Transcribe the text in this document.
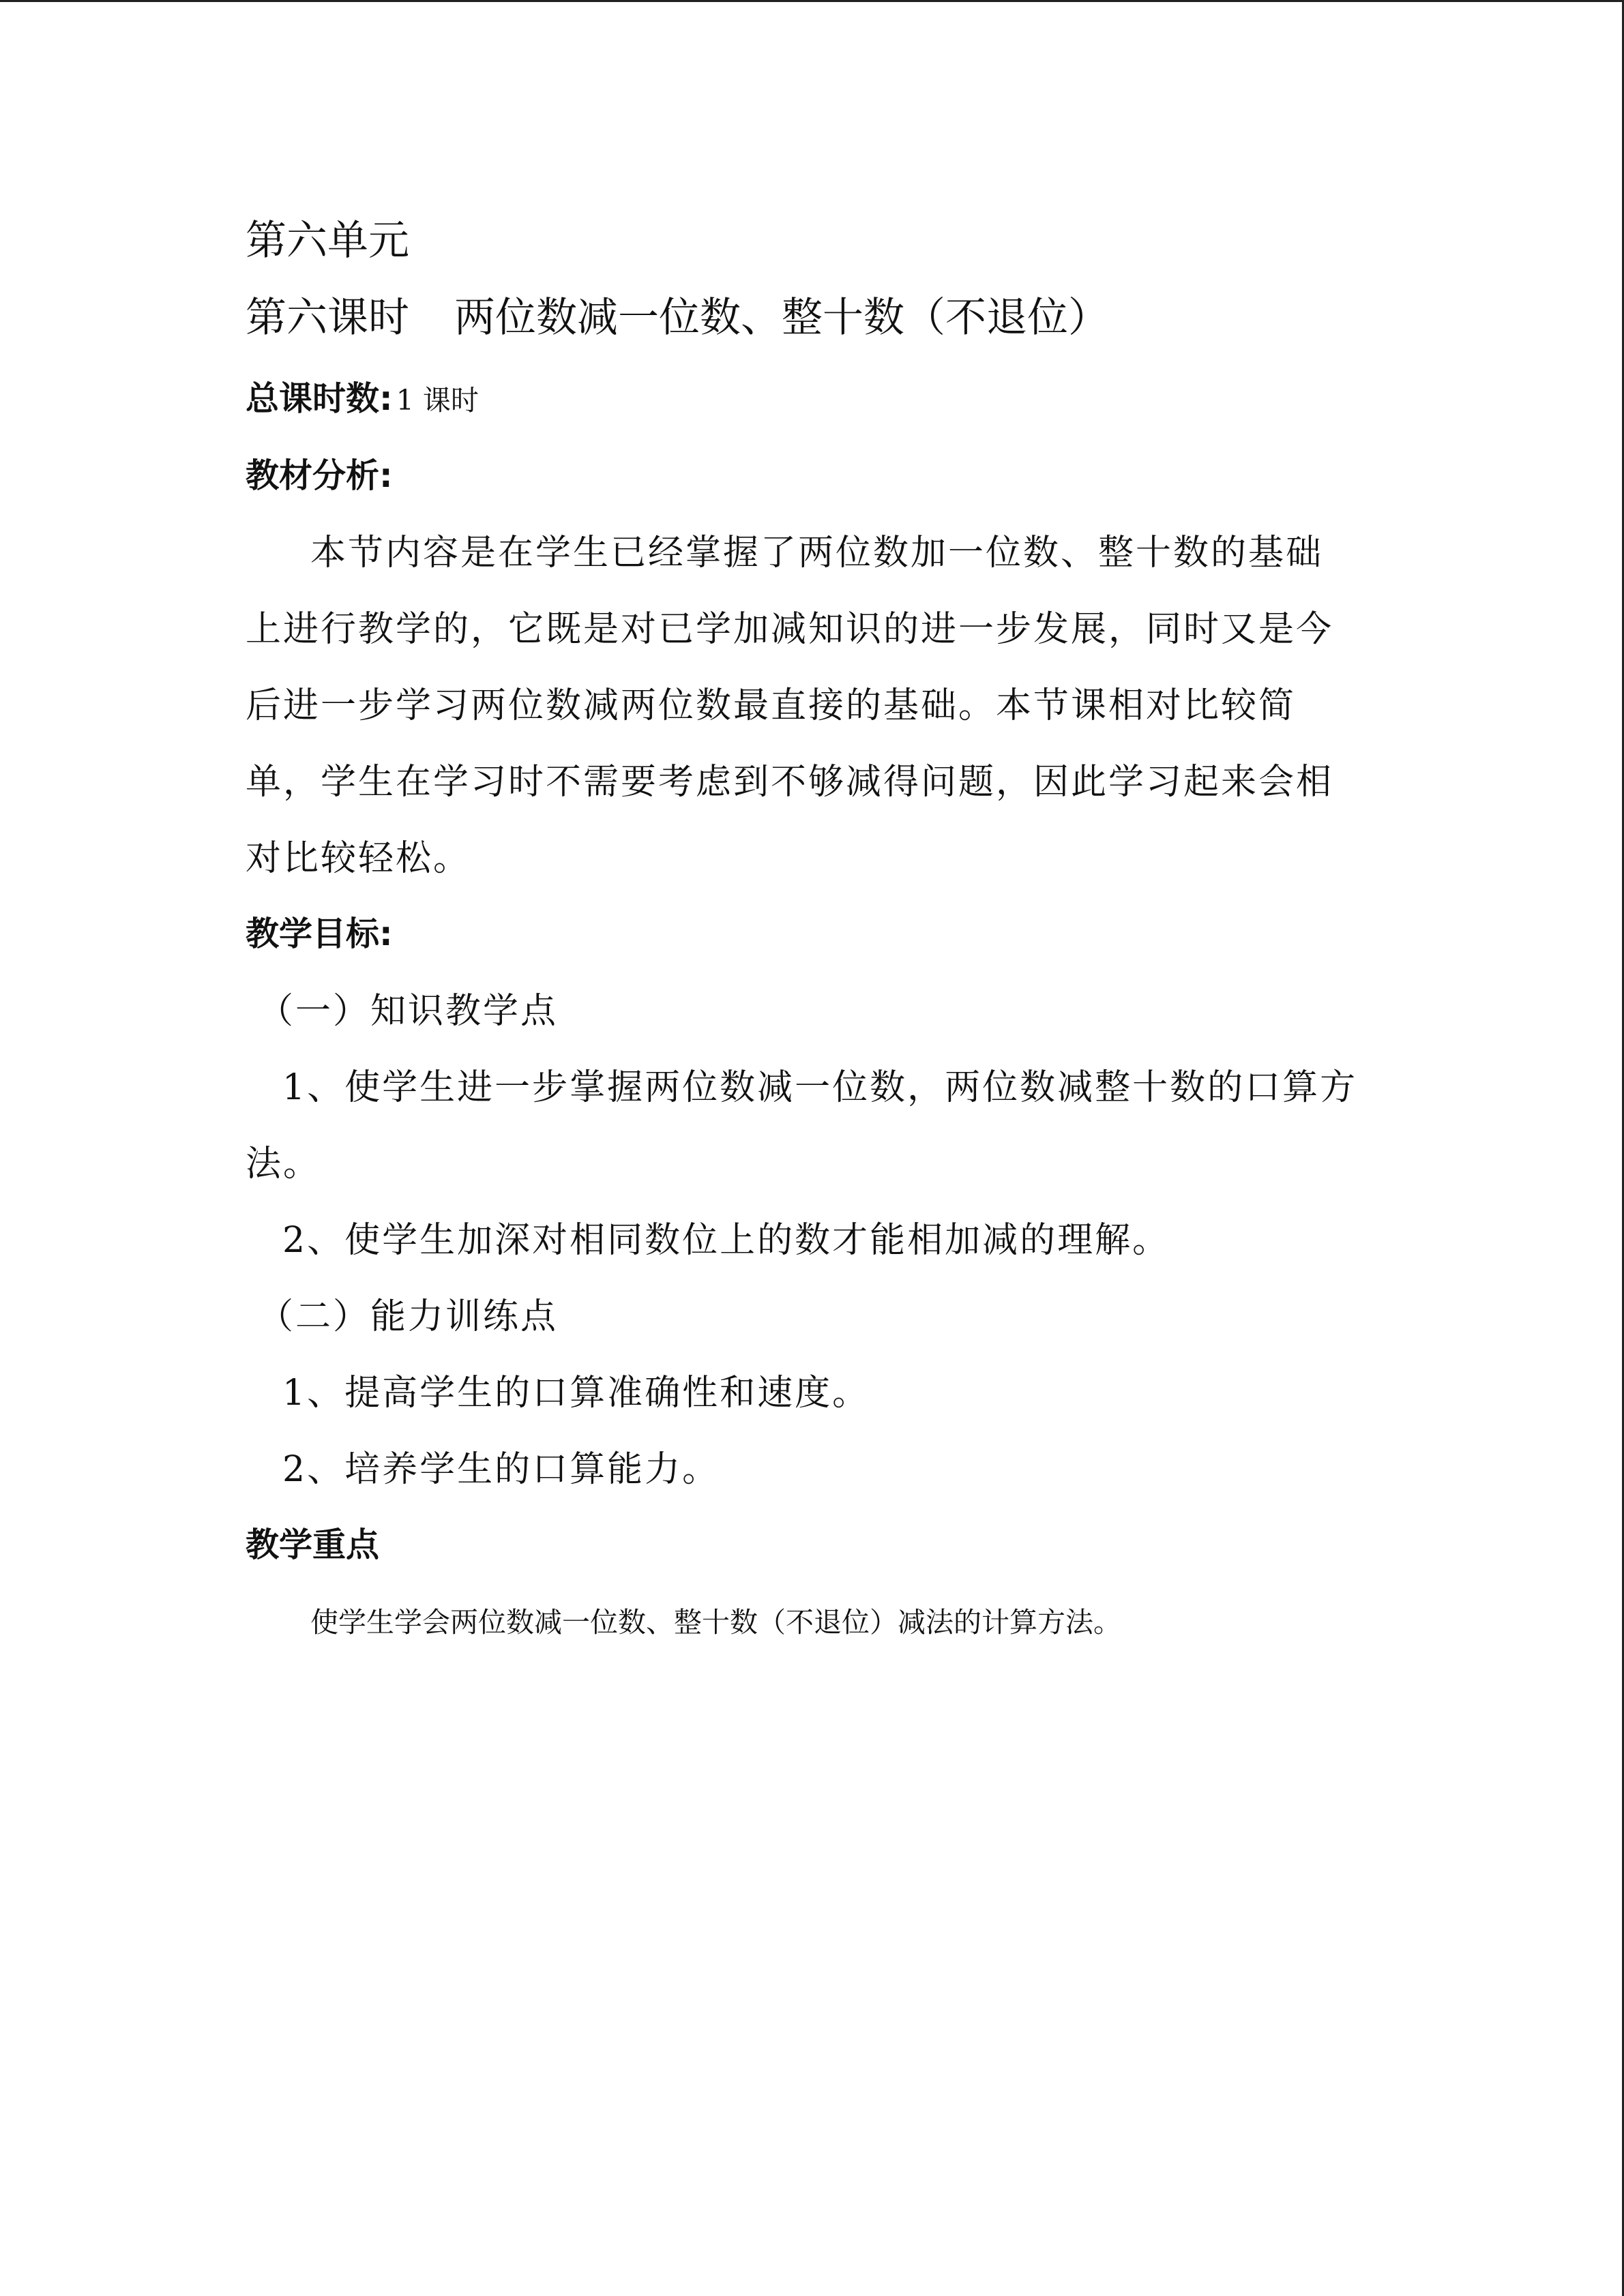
第六单元
第六课时 两位数减一位数、整十数（不退位）
总课时数: 1 课时
教材分析:
本节内容是在学生已经掌握了两位数加一位数、整十数的基础
上进行教学的，它既是对已学加减知识的进一步发展，同时又是今
后进一步学习两位数减两位数最直接的基础。本节课相对比较简
单，学生在学习时不需要考虑到不够减得问题，因此学习起来会相
对比较轻松。
教学目标:
（一）知识教学点
1、使学生进一步掌握两位数减一位数，两位数减整十数的口算方
法。
2、使学生加深对相同数位上的数才能相加减的理解。
（二）能力训练点
1、提高学生的口算准确性和速度。
2、培养学生的口算能力。
教学重点
使学生学会两位数减一位数、整十数（不退位）减法的计算方法。
